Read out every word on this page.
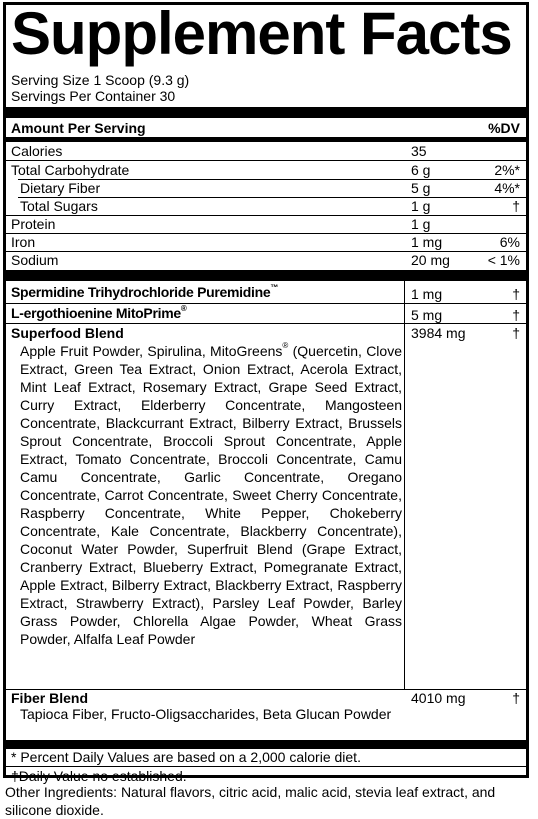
Supplement Facts
Serving Size 1 Scoop (9.3 g)
Servings Per Container 30
Amount Per Serving	%DV
Calories	35
Total Carbohydrate	6 g	2%*
Dietary Fiber	5 g	4%*
Total Sugars	1 g	†
Protein	1 g
Iron	1 mg	6%
Sodium	20 mg	< 1%
Spermidine Trihydrochloride Puremidine™	1 mg	†
L-ergothioenine MitoPrime®	5 mg	†
Superfood Blend	3984 mg	†
Apple Fruit Powder, Spirulina, MitoGreens® (Quercetin, Clove Extract, Green Tea Extract, Onion Extract, Acerola Extract, Mint Leaf Extract, Rosemary Extract, Grape Seed Extract, Curry Extract, Elderberry Concentrate, Mangosteen Concentrate, Blackcurrant Extract, Bilberry Extract, Brussels Sprout Concentrate, Broccoli Sprout Concentrate, Apple Extract, Tomato Concentrate, Broccoli Concentrate, Camu Camu Concentrate, Garlic Concentrate, Oregano Concentrate, Carrot Concentrate, Sweet Cherry Concentrate, Raspberry Concentrate, White Pepper, Chokeberry Concentrate, Kale Concentrate, Blackberry Concentrate), Coconut Water Powder, Superfruit Blend (Grape Extract, Cranberry Extract, Blueberry Extract, Pomegranate Extract, Apple Extract, Bilberry Extract, Blackberry Extract, Raspberry Extract, Strawberry Extract), Parsley Leaf Powder, Barley Grass Powder, Chlorella Algae Powder, Wheat Grass Powder, Alfalfa Leaf Powder
Fiber Blend	4010 mg	†
Tapioca Fiber, Fructo-Oligsaccharides, Beta Glucan Powder
* Percent Daily Values are based on a 2,000 calorie diet.
†Daily Value no established.
Other Ingredients: Natural flavors, citric acid, malic acid, stevia leaf extract, and silicone dioxide.
